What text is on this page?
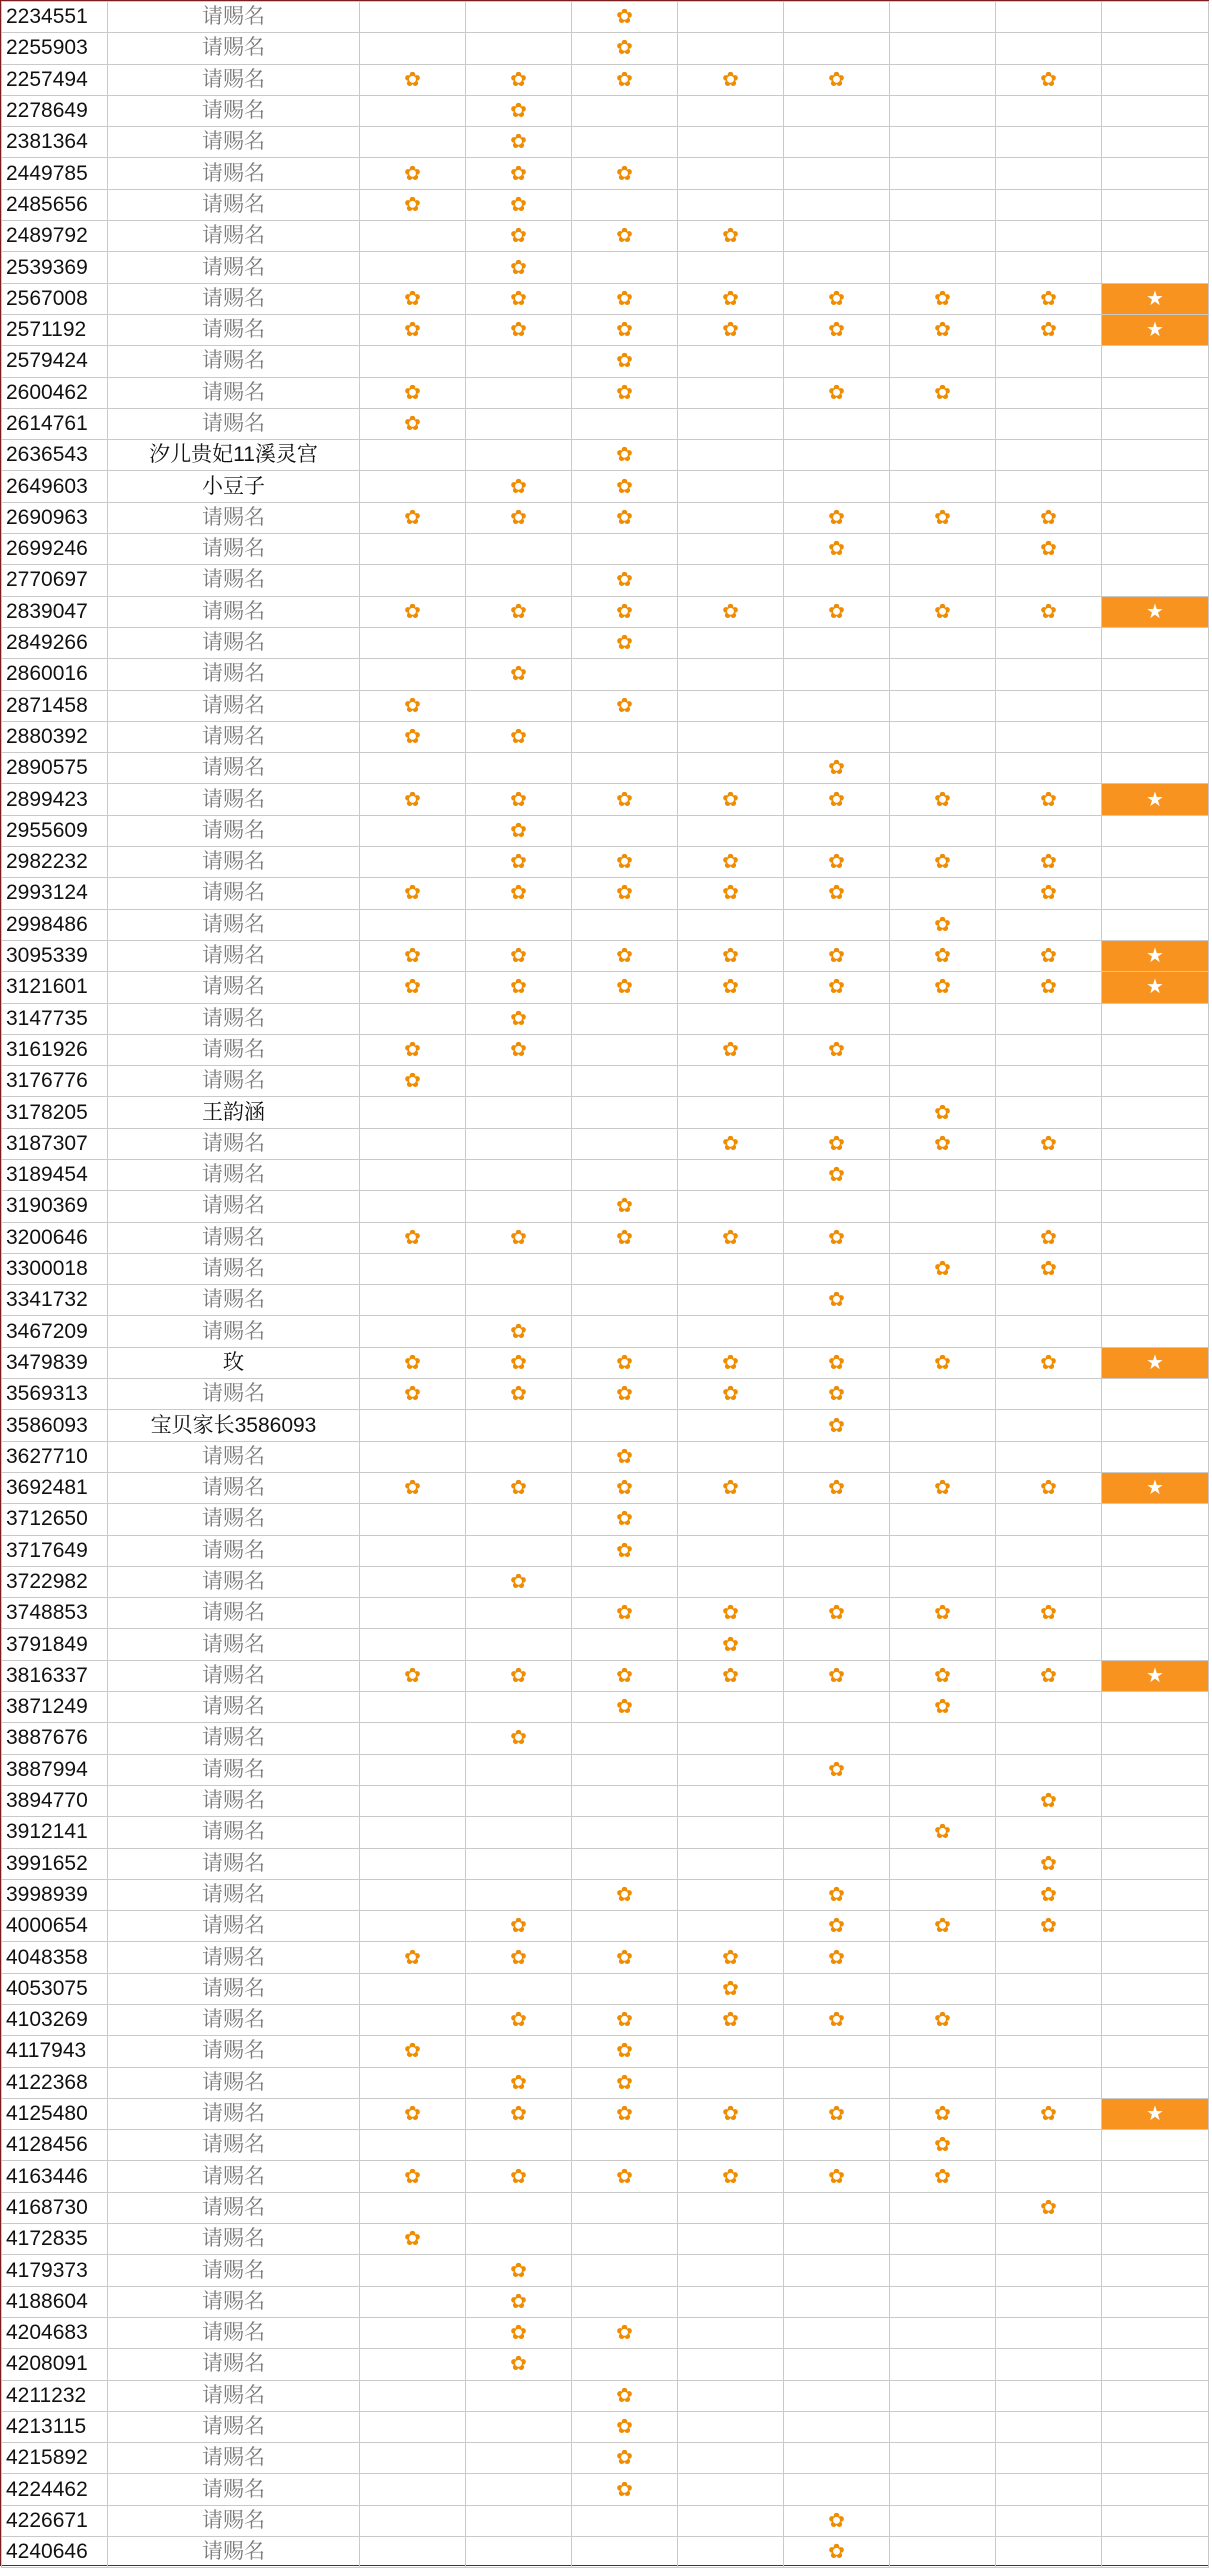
2234551	请赐名			✿					
2255903	请赐名			✿					
2257494	请赐名	✿	✿	✿	✿	✿		✿	
2278649	请赐名		✿						
2381364	请赐名		✿						
2449785	请赐名	✿	✿	✿					
2485656	请赐名	✿	✿						
2489792	请赐名		✿	✿	✿				
2539369	请赐名		✿						
2567008	请赐名	✿	✿	✿	✿	✿	✿	✿	★
2571192	请赐名	✿	✿	✿	✿	✿	✿	✿	★
2579424	请赐名			✿					
2600462	请赐名	✿		✿		✿	✿		
2614761	请赐名	✿							
2636543	汐儿贵妃11溪灵宫			✿					
2649603	小豆子		✿	✿					
2690963	请赐名	✿	✿	✿		✿	✿	✿	
2699246	请赐名					✿		✿	
2770697	请赐名			✿					
2839047	请赐名	✿	✿	✿	✿	✿	✿	✿	★
2849266	请赐名			✿					
2860016	请赐名		✿						
2871458	请赐名	✿		✿					
2880392	请赐名	✿	✿						
2890575	请赐名					✿			
2899423	请赐名	✿	✿	✿	✿	✿	✿	✿	★
2955609	请赐名		✿						
2982232	请赐名		✿	✿	✿	✿	✿	✿	
2993124	请赐名	✿	✿	✿	✿	✿		✿	
2998486	请赐名						✿		
3095339	请赐名	✿	✿	✿	✿	✿	✿	✿	★
3121601	请赐名	✿	✿	✿	✿	✿	✿	✿	★
3147735	请赐名		✿						
3161926	请赐名	✿	✿		✿	✿			
3176776	请赐名	✿							
3178205	王韵涵						✿		
3187307	请赐名				✿	✿	✿	✿	
3189454	请赐名					✿			
3190369	请赐名			✿					
3200646	请赐名	✿	✿	✿	✿	✿		✿	
3300018	请赐名						✿	✿	
3341732	请赐名					✿			
3467209	请赐名		✿						
3479839	玫	✿	✿	✿	✿	✿	✿	✿	★
3569313	请赐名	✿	✿	✿	✿	✿			
3586093	宝贝家长3586093					✿			
3627710	请赐名			✿					
3692481	请赐名	✿	✿	✿	✿	✿	✿	✿	★
3712650	请赐名			✿					
3717649	请赐名			✿					
3722982	请赐名		✿						
3748853	请赐名			✿	✿	✿	✿	✿	
3791849	请赐名				✿				
3816337	请赐名	✿	✿	✿	✿	✿	✿	✿	★
3871249	请赐名			✿			✿		
3887676	请赐名		✿						
3887994	请赐名					✿			
3894770	请赐名							✿	
3912141	请赐名						✿		
3991652	请赐名							✿	
3998939	请赐名			✿		✿		✿	
4000654	请赐名		✿			✿	✿	✿	
4048358	请赐名	✿	✿	✿	✿	✿			
4053075	请赐名				✿				
4103269	请赐名		✿	✿	✿	✿	✿		
4117943	请赐名	✿		✿					
4122368	请赐名		✿	✿					
4125480	请赐名	✿	✿	✿	✿	✿	✿	✿	★
4128456	请赐名						✿		
4163446	请赐名	✿	✿	✿	✿	✿	✿		
4168730	请赐名							✿	
4172835	请赐名	✿							
4179373	请赐名		✿						
4188604	请赐名		✿						
4204683	请赐名		✿	✿					
4208091	请赐名		✿						
4211232	请赐名			✿					
4213115	请赐名			✿					
4215892	请赐名			✿					
4224462	请赐名			✿					
4226671	请赐名					✿			
4240646	请赐名					✿			
